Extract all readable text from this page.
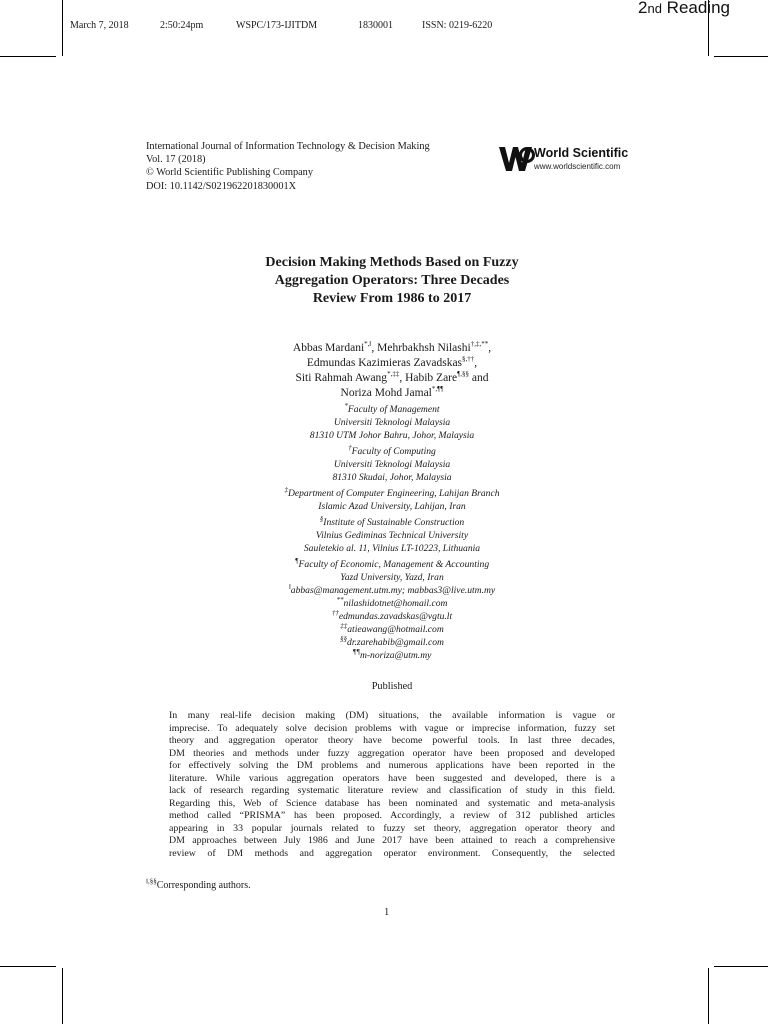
March 7, 2018	2:50:24pm	WSPC/173-IJITDM	1830001	ISSN: 0219-6220
2nd Reading
International Journal of Information Technology & Decision Making
Vol. 17 (2018)
© World Scientific Publishing Company
DOI: 10.1142/S021962201830001X
World Scientific
www.worldscientific.com
Decision Making Methods Based on Fuzzy
Aggregation Operators: Three Decades
Review From 1986 to 2017
Abbas Mardani*,‖, Mehrbakhsh Nilashi†,‡,**,
Edmundas Kazimieras Zavadskas§,††,
Siti Rahmah Awang*,‡‡, Habib Zare¶,§§ and
Noriza Mohd Jamal*,¶¶
*Faculty of Management
Universiti Teknologi Malaysia
81310 UTM Johor Bahru, Johor, Malaysia
†Faculty of Computing
Universiti Teknologi Malaysia
81310 Skudai, Johor, Malaysia
‡Department of Computer Engineering, Lahijan Branch
Islamic Azad University, Lahijan, Iran
§Institute of Sustainable Construction
Vilnius Gediminas Technical University
Sauletekio al. 11, Vilnius LT-10223, Lithuania
¶Faculty of Economic, Management & Accounting
Yazd University, Yazd, Iran
‖abbas@management.utm.my; mabbas3@live.utm.my
**nilashidotnet@homail.com
††edmundas.zavadskas@vgtu.lt
‡‡atieawang@hotmail.com
§§dr.zarehabib@gmail.com
¶¶m-noriza@utm.my
Published
In many real-life decision making (DM) situations, the available information is vague or
imprecise. To adequately solve decision problems with vague or imprecise information, fuzzy set
theory and aggregation operator theory have become powerful tools. In last three decades,
DM theories and methods under fuzzy aggregation operator have been proposed and developed
for effectively solving the DM problems and numerous applications have been reported in the
literature. While various aggregation operators have been suggested and developed, there is a
lack of research regarding systematic literature review and classification of study in this field.
Regarding this, Web of Science database has been nominated and systematic and meta-analysis
method called “PRISMA” has been proposed. Accordingly, a review of 312 published articles
appearing in 33 popular journals related to fuzzy set theory, aggregation operator theory and
DM approaches between July 1986 and June 2017 have been attained to reach a comprehensive
review of DM methods and aggregation operator environment. Consequently, the selected
‖,§§Corresponding authors.
1
